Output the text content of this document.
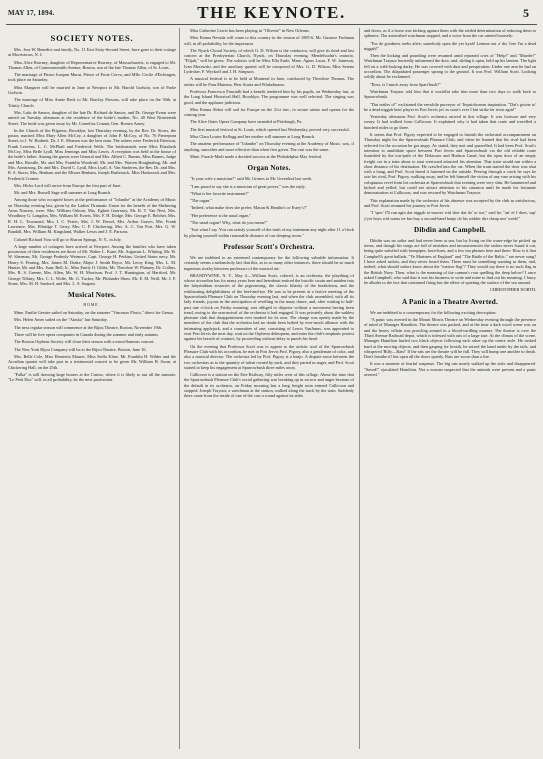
MAY 17, 1894.	THE KEYNOTE.	5
SOCIETY NOTES.

Mrs. Jose W. Benedict and family, No. 11 East Sixty-Second Street, have gone to their cottage at Morristown, N. J.

Miss Alice Rawney, daughter of Representative Rawney, of Massachusetts, is engaged to Mr. Thomas Allen, of Commonwealth Avenue, Boston, son of the late Thomas Allen, of St. Louis.

The marriage of Prince Joaquin Murat, Prince of Poste Corvo, and Mlle. Cecile d'Eichingen, took place on Saturday.

Miss Margaret will be married in June at Newport to Mr. Harold Godwin, son of Parke Godwin.

The marriage of Miss Annie Beck to Mr. Barclay Parsons, will take place on the 30th, at Trinity Church.

Mrs. Lulu de Santos, daughter of the late Dr. Richard de Santos, and Dr. George Evans were united on Tuesday afternoon at the residence of the bride's mother, No. 40 West Nineteenth Street. The bride was given away by Mr. Cornelius Conant, Gen. Romeo Arney.

In the Church of the Pilgrims, Brooklyn, last Thursday evening, by the Rev. Dr. Storrs, the pastor, married Miss Mary Allen McCoy, a daughter of John P. McCoy, of No. 76 Pierrepont Street, to J. W. Hodnett. Dr. J. E. Monsen was the best man. The ushers were Frederick Paterson, Frank Leavens, L. C. McPhail and Frederick Wells. The bridesmaids were Miss Elizabeth McCoy, Miss Belle Lyall, Miss Jennings and Miss Lewis. A reception was held at the house of the bride's father. Among the guests were General and Mrs. Alfred C. Barnes, Miss Barnes, Judge and Mrs. Brosdle, Mr. and Mrs. Franklin Woodruff, Mr. and Mrs. Warren Houghtaling, Mr. and Mrs. Armstrong, Dr. and Mrs. David C. Lyall, Miss Lyall, A. Van Sinderen, the Rev. Dr. and Mrs. R. S. Storrs, Mrs. Benham and the Misses Benham, Joseph Hasbrouck, Miss Hasbrouck and Mrs. Frederick Cromer.

Mrs. Hicks-Lord will arrive from Europe the first part of June.

Mr. and Mrs. Russell Sage will summer at Long Branch.

Among those who occupied boxes at the performance of "Iolanthe" at the Academy of Music on Thursday evening last, given by the Ladies' Dramatic Union for the benefit of the Sheltering Arms Nursery, were: Mrs. William Osborn, Mrs. Egbert Guernsey, Mr. R. T. Van Nest, Mrs. Woodbury G. Langdon, Mrs. William M. Evarts, Mrs. F. H. Dodge, Mrs. George E. Belcher, Mrs. R. H. L. Townsend, Mrs. J. C. Peters, Mrs. J. W. Drexel, Mrs. Arthur Graves, Mrs. Frank Lawrence, Mrs. Elbridge T. Gerry, Mrs. C. F. Chickering, Mrs. A. C. Von Post, Mrs. G. W. Randall, Mrs. William M. Kingsland, Walker Lewis and J. E. Parsons.

Colonel Richard Voss will go to Sharon Springs, N. Y., in July.

A large number of cottagers have arrived at Newport. Among the families who have taken possession of their residences are those of Mr. Walter L. Kane, Mr. Augustus L. Whiting, Mr. W. W. Sherman, Mr. George Peabody Wetmore, Capt. George H. Perkins, United States navy, Mr. Henry S. Fearing, Mrs. James M. Drake, Major J. Smith Bryce, Mr. Leroy King, Mrs. L. M. Hunter, Mr. and Mrs. Isaac Bell, Jr., Miss Emily O. Gibbs, Mr. Theodore W. Phinney, Dr. Collins, Mrs. R. S. Greene, Mrs. Allen, Mr. W. H. Morrison, Prof. J. T. Huntington, of Hartford, Mr. George Tiffany, Mrs. C. L. Wolfe, Mr. G. Tucker, Mr. Philander Shaw, Mr. E. M. Neill, Mr. J. F. Stone, Mrs. M. H. Sanford, and Mrs. L. S. Sargent.

Musical Notes.
HOME.

Mme. Emilie Gerster sailed on Saturday, on the steamer "Vincenzo Florio," direct for Genoa.

Mrs. Helen Ames sailed on the "Alaska" last Saturday.

The next regular season will commence at the Bijou Theatre, Boston, November 19th.

There will be five opera companies in Canada during the summer and early autumn.

The Boston Orpheus Society will close their season with a miscellaneous concert.

The New York Bijou Company will be at the Bijou Theatre, Boston, June 16.

Mrs. Belle Cole, Miss Henrietta Maurer, Miss Stella Kline, Mr. Franklin H. Wilder and the Arcadian quartet will take part in a testimonial concert to be given Mr. William H. Swan, at Chickering Hall, on the 25th.

"Falka" is still drawing large houses at the Casino, where it is likely to run all the summer. "Le Petit Duc" will, in all probability, be the next production.

Miss Catherine Lewis has been playing in "Olivette" in New Orleans.

Miss Emma Nevada will come to this country in the season of 1885-6. Mr. Gustave Frohman will, in all probability, be the impresario.

The Nyack Choral Society, of which G. D. Wilson is the conductor, will give its third and last concert at the Presbyterian Church, Nyack, on Thursday evening. Mendelssohn's oratorio, "Elijah," will be given. The soloists will be Miss Ella Earle, Mme. Agnes Lasar, F. W. Jameson, Ivan Morawski, and the auxiliary quartet will be composed of Mrs. G. D. Wilson, Miss Serena Lydecker, F. Wyckoff and J. H. Simpson.

A musical festival is to be held at Montreal in June, conducted by Theodore Thomas. The artists will be Frau Materna, Herr Scaria and Winkelmann.

Professor Francesco Fanciulli had a benefit tendered him by his pupils, on Wednesday last, at the Long Island Historical Hall, Brooklyn. The programme was well selected. The singing was good, and the applause judicious.

Miss Emma Abbot will sail for Europe on the 21st inst., to secure artists and operas for the coming year.

The Alice Oates Opera Company have stranded at Pittsburgh, Pa.

The first musical festival at St. Louis, which opened last Wednesday, proved very successful.

Miss Clara Louise Kellogg and her mother will summer at Long Branch.

The amateur performance of "Iolanthe" on Thursday evening at the Academy of Music, was, if anything, smoother and more effective than when first given. The cast was the same.

Mme. Furach-Madi made a decided success at the Philadelphia May festival.

Organ Notes.

"Is your wife a musician?" said Mr. Grimes to Mr. Greenleaf last week.

"I am proud to say she is a musician of great power," was the reply.

"What is her favorite instrument?"

"The organ."

"Indeed, what make does she prefer, Mason & Hamlin's or Estey's?"

"Her preference is the nasal organ."

"The nasal organ? Why, what do you mean?"

"Just what I say. You can satisfy yourself of the truth of my statement any night after 11 o'clock by placing yourself within reasonable distance of our sleeping room."

Professor Scott's Orchestra.

We are indebted to an esteemed contemporary for the following valuable information. It certainly seems a melancholy fact that this, as in so many other instances, there should be so much ingenious rivalry between professors of the musical art:

BRANDYWINE, N. Y., May 4.—William Scott, colored, is an orchestra, the plaything of whose accordion has for many years here and hereabout enticed the bucolic swain and maiden into the labyrinthian ecstacies of the pigeonwing, the classic hilarity of the breakdown, and the exhilarating delightfulness of the heel-and-toe. He was to be present at a festive meeting of the Sparrowbush Pleasure Club on Thursday evening last, and when the club assembled, with all its lady friends, joyous in the anticipation of revelling in the mazy dance, and, after waiting to half-past one o'clock on Friday morning, was obliged to disperse without a movement having been tread, owing to the non-arrival of the orchestra it had engaged. It was privately about the saddest pleasure club that disappointment ever marked for its own. The charge was openly made by the members of the club that the orchestra had no doubt been bribed by ever-much alliance with the intimating applejack, and a committee of one, consisting of Lewis VanJunus, was appointed to visit Port Jervis the next day, wait on the Orpheon delinquent, and enter the club's emphatic protest against his breach of contract, by proceeding without delay to punch his head.

On the evening that Professor Scott was to appear to the artistic soul of the Sparrowbush Pleasure Club with his accordion, he met in Port Jervis Prof. Pigory, also a gentleman of color, and also a musical director. The orchestra led by Prof. Pigory is a banjo. A dispute arose between the two orchestras as to the quantity of talent owned by each, and they parted in anger, and Prof. Scott started to keep his engagement at Sparrowbush three miles away.

Callicoon is a station on the Erie Railway, fifty miles west of this village. About the time that the Sparrowbush Pleasure Club's social gathering was breaking up in sorrow and anger because of the default in its orchestra, on Friday morning last a long freight train entered Callicoon and stopped. Joseph Traynor, a watchman at the station, walked along the track by the train. Suddenly there came from the inside of one of the cars a sound against its sides

and doors, as if a horse was kicking against them with the settled determination of reducing them to splinters. The astonished watchman stopped, and a voice from the car uttered hoarsely:

"For de goodness seeks alive, somebody open die yer kyah! Lemme out o' dis 'fore I'se a dead niggah!"

Then the kicking and pounding were resumed amid repeated cries of "Help!" and "Murder!" Watchman Traynor hurriedly unfastened the door, and, sliding it open, held up his lantern. The light fell on a wild-looking darky. He was covered with dust and perspiration. Under one arm he had an accordion. The dilapidated passenger sprang to the ground. It was Prof. William Scott. Looking wildly about he exclaimed:

"Boss, is I much away from Sparr'bush?"

Watchman Traynor told him that it would'nt take him more than two days to walk back to Sparrowbush.

"Dat settles it!" exclaimed the erewhile purveyor of Terpsichorean inspiration. "Dat's gwine to' be a dead niggah bein' player in Port Jervis jes' as soon's ever I kin strike fer town agin!"

Yesterday afternoon Prof. Scott's orchestra arrived in this village. It was footsore and very weary. It had walked from Callicoon. It explained why it had taken that route and travelled a hundred miles to go three.

It seems that Prof. Pigory expected to be engaged to furnish the orchestral accompaniment on Thursday night for the Sparrowbush Pleasure Club, and when he learned that his rival had been selected for the occasion he got angry. As stated, they met and quarrelled. It had been Prof. Scott's intention to annihilate space between Port Jervis and Sparrowbush via the old reliable route furnished by the tow-path of the Delaware and Hudson Canal, but the open door of an empty freight car in a train about to start westward attracted his attention. That train would run within a short distance of his destination. He crawled into the car. When the train started the door was shut with a bang, and Prof. Scott heard it fastened on the outside. Peering through a crack he says he saw his rival, Prof. Pigory, walking away, and he felt himself the victim of any ruse arising with his voluptuous revel from his orchestra at Sparrowbush that evening were very slim. He hammered and kicked and yelled, but could not attract attention to his situation until he made his fortunate demonstration at Callicoon, and was rescued by Watchman Traynor.

This explanation made by the orchestra of his absence was accepted by the club as satisfactory, and Prof. Scott resumed his journey to Port Jervis.

"I 'spec' I'll run agin dat niggah to-morrer wid sher dat do' or toe," said he, "an' ef I does, sup' y'yer boys wid wants ter kin buy a second-hand banjo ob his widder dirt cheap nex' week!"

Dibdin and Campbell.

Dibdin was no sailor and had never been at sea, but by living on the water-edge he picked up terms, and though his songs are full of mistakes and inconsistencies the sailors never found it out, being quite satisfied with hornpipes, horn-lines, and a few sea phrases here and there. How is it that Campbell's great ballads, "Ye Mariners of England" and "The Battle of the Baltic," are never sung? I have asked sailors, and they never heard them. There must be something wanting in them, and, indeed, what should sailors know about the "meteor flag"? They would say there is no such flag in the British Navy. Then, what is the meaning of the cannon's roar quelling the deep below? I once asked Campbell, who said that it was his business to write and mine to find out his meaning. I fancy he alludes to the fact that continued firing has the effect of quieting the surface of the sea around.

CHRISTOPHER NORTH.

A Panic in a Theatre Averted.

We are indebted to a contemporary for the following exciting description:

"A panic was averted in the Mount Morris Theatre on Wednesday evening through the presence of mind of Manager Hamilton. The theatre was packed, and at the time a dark wood scene was on and the heavy villain was prowling around in a blood-curdling manner. The theatre is over the Third Avenue Railroad depot, which is infested with rats of a large size. At the climax of the scene, Manager Hamilton hurled two black objects following each other up the centre aisle. He rushed hard at the moving objects, and then gasping for breath, he seized the hand under by the tails, and whispered 'Billy—Rats!' If the rats are the theatre will be full. They will bump one another to death. Don't breathe it! but open all the doors quietly. Rats are worse than a fire.

It was a moment of fearful suspense. The big rats nearly walked up the aisle and disappeared. "Saved!" ejaculated Hamilton. Not a woman suspected that the animals were present and a panic averted."
